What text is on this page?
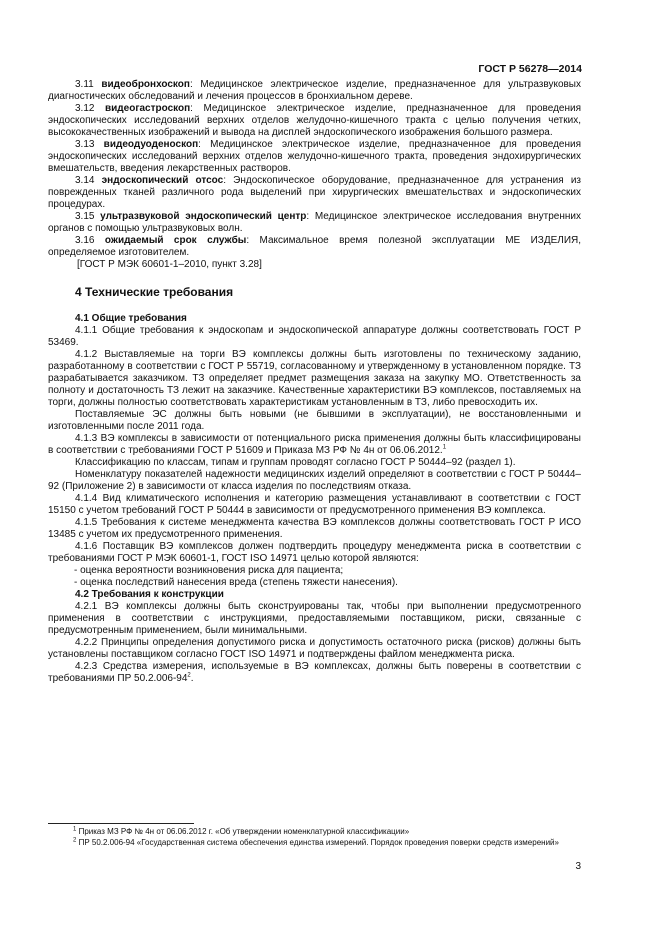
ГОСТ Р 56278—2014

3.11 видеобронхоскоп: Медицинское электрическое изделие, предназначенное для ультразвуковых диагностических обследований и лечения процессов в бронхиальном дереве.

3.12 видеогастроскоп: Медицинское электрическое изделие, предназначенное для проведения эндоскопических исследований верхних отделов желудочно-кишечного тракта с целью получения четких, высококачественных изображений и вывода на дисплей эндоскопического изображения большого размера.

3.13 видеодуоденоскоп: Медицинское электрическое изделие, предназначенное для проведения эндоскопических исследований верхних отделов желудочно-кишечного тракта, проведения эндохирургических вмешательств, введения лекарственных растворов.

3.14 эндоскопический отсос: Эндоскопическое оборудование, предназначенное для устранения из поврежденных тканей различного рода выделений при хирургических вмешательствах и эндоскопических процедурах.

3.15 ультразвуковой эндоскопический центр: Медицинское электрическое исследования внутренних органов с помощью ультразвуковых волн.

3.16 ожидаемый срок службы: Максимальное время полезной эксплуатации МЕ ИЗДЕЛИЯ, определяемое изготовителем.

[ГОСТ Р МЭК 60601-1–2010, пункт 3.28]

4 Технические требования

4.1 Общие требования

4.1.1 Общие требования к эндоскопам и эндоскопической аппаратуре должны соответствовать ГОСТ Р 53469.

4.1.2 Выставляемые на торги ВЭ комплексы должны быть изготовлены по техническому заданию, разработанному в соответствии с ГОСТ Р 55719, согласованному и утвержденному в установленном порядке. ТЗ разрабатывается заказчиком. ТЗ определяет предмет размещения заказа на закупку МО. Ответственность за полноту и достаточность ТЗ лежит на заказчике. Качественные характеристики ВЭ комплексов, поставляемых на торги, должны полностью соответствовать характеристикам установленным в ТЗ, либо превосходить их.

Поставляемые ЭС должны быть новыми (не бывшими в эксплуатации), не восстановленными и изготовленными после 2011 года.

4.1.3 ВЭ комплексы в зависимости от потенциального риска применения должны быть классифицированы в соответствии с требованиями ГОСТ Р 51609 и Приказа МЗ РФ № 4н от 06.06.2012.$^1$

Классификацию по классам, типам и группам проводят согласно ГОСТ Р 50444–92 (раздел 1).

Номенклатуру показателей надежности медицинских изделий определяют в соответствии с ГОСТ Р 50444–92 (Приложение 2) в зависимости от класса изделия по последствиям отказа.

4.1.4 Вид климатического исполнения и категорию размещения устанавливают в соответствии с ГОСТ 15150 с учетом требований ГОСТ Р 50444 в зависимости от предусмотренного применения ВЭ комплекса.

4.1.5 Требования к системе менеджмента качества ВЭ комплексов должны соответствовать ГОСТ Р ИСО 13485 с учетом их предусмотренного применения.

4.1.6 Поставщик ВЭ комплексов должен подтвердить процедуру менеджмента риска в соответствии с требованиями ГОСТ Р МЭК 60601-1, ГОСТ ISO 14971 целью которой являются:

- оценка вероятности возникновения риска для пациента;

- оценка последствий нанесения вреда (степень тяжести нанесения).

4.2 Требования к конструкции

4.2.1 ВЭ комплексы должны быть сконструированы так, чтобы при выполнении предусмотренного применения в соответствии с инструкциями, предоставляемыми поставщиком, риски, связанные с предусмотренным применением, были минимальными.

4.2.2 Принципы определения допустимого риска и допустимость остаточного риска (рисков) должны быть установлены поставщиком согласно ГОСТ ISO 14971 и подтверждены файлом менеджмента риска.

4.2.3 Средства измерения, используемые в ВЭ комплексах, должны быть поверены в соответствии с требованиями ПР $50.2.006-94^2$.

$^1$ Приказ МЗ РФ № 4н от 06.06.2012 г. «Об утверждении номенклатурной классификации»

$^2$ ПР 50.2.006-94 «Государственная система обеспечения единства измерений. Порядок проведения поверки средств измерений»

3
